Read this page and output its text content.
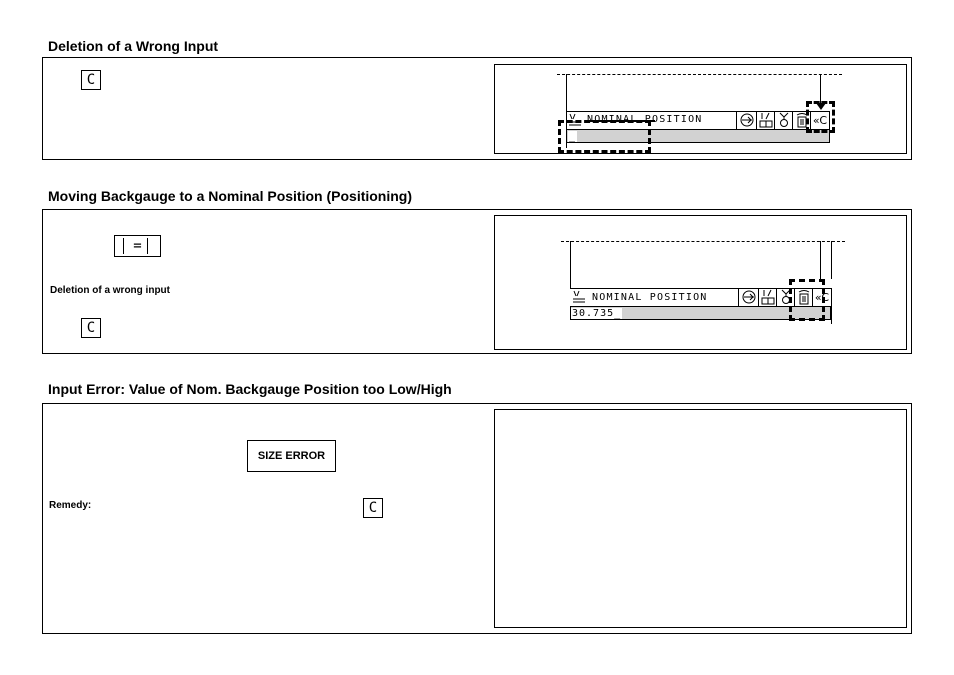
Deletion of a Wrong Input
C
NOMINAL POSITION	«C
_
Moving Backgauge to a Nominal Position (Positioning)
=
Deletion of a wrong input
C
NOMINAL POSITION	«C
30.735_
Input Error: Value of Nom. Backgauge Position too Low/High
SIZE ERROR
Remedy:	C
